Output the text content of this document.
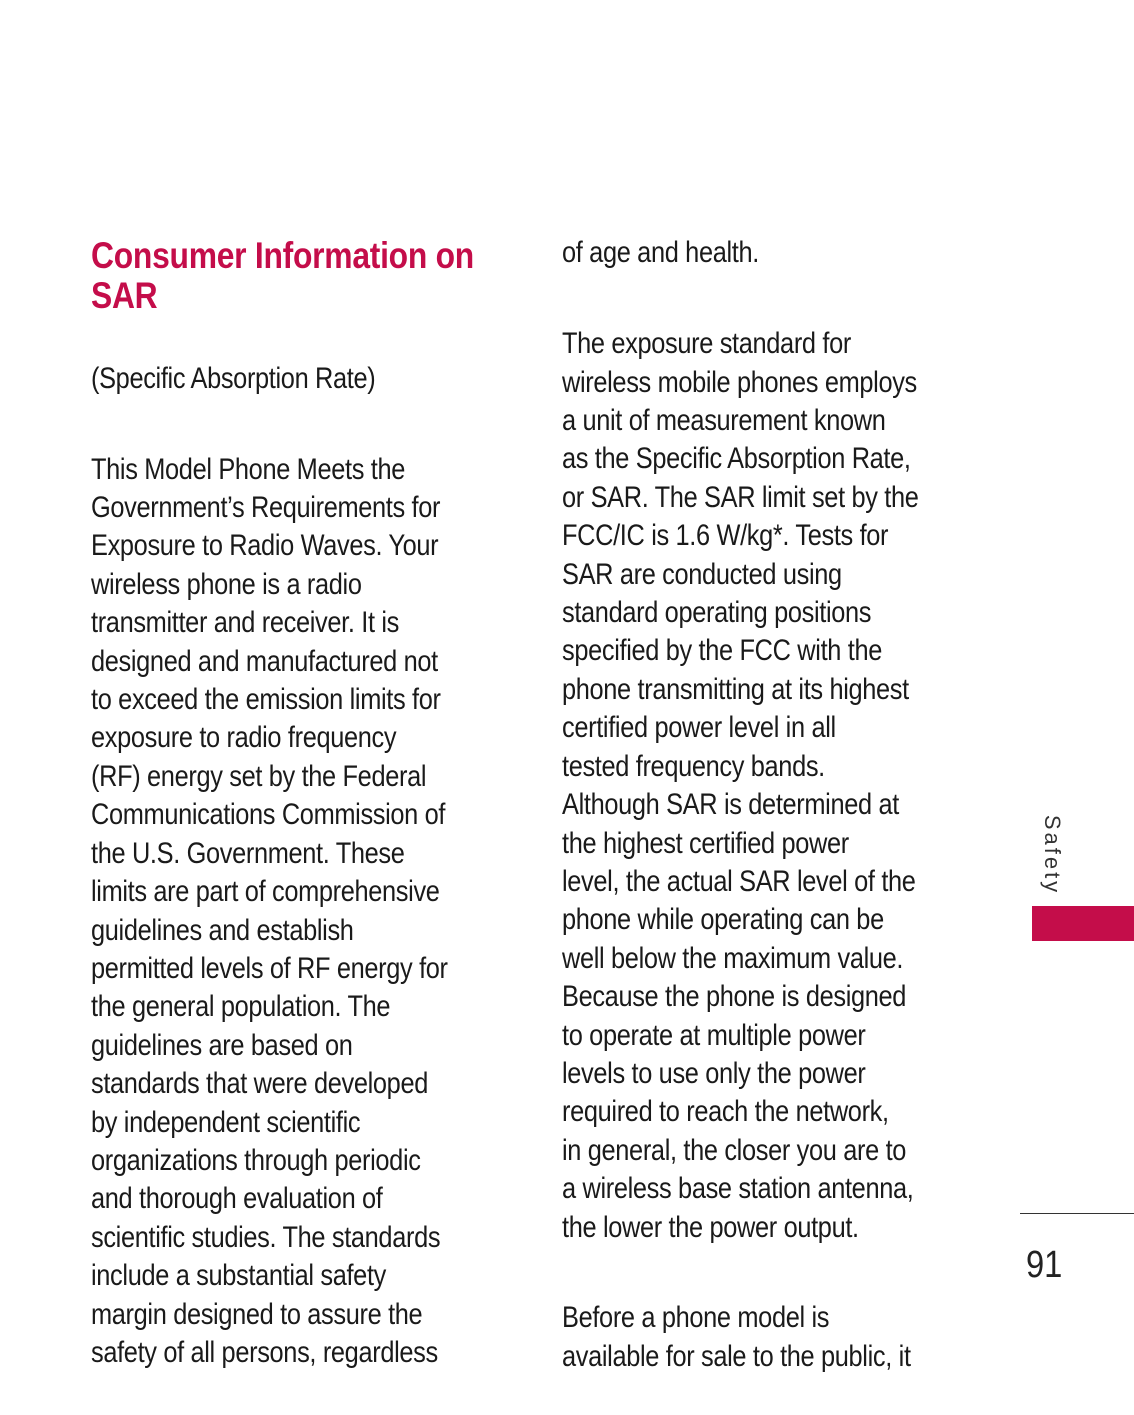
Consumer Information on
SAR

(Specific Absorption Rate)

This Model Phone Meets the
Government’s Requirements for
Exposure to Radio Waves. Your
wireless phone is a radio
transmitter and receiver. It is
designed and manufactured not
to exceed the emission limits for
exposure to radio frequency
(RF) energy set by the Federal
Communications Commission of
the U.S. Government. These
limits are part of comprehensive
guidelines and establish
permitted levels of RF energy for
the general population. The
guidelines are based on
standards that were developed
by independent scientific
organizations through periodic
and thorough evaluation of
scientific studies. The standards
include a substantial safety
margin designed to assure the
safety of all persons, regardless

of age and health.

The exposure standard for
wireless mobile phones employs
a unit of measurement known
as the Specific Absorption Rate,
or SAR. The SAR limit set by the
FCC/IC is 1.6 W/kg*. Tests for
SAR are conducted using
standard operating positions
specified by the FCC with the
phone transmitting at its highest
certified power level in all
tested frequency bands.
Although SAR is determined at
the highest certified power
level, the actual SAR level of the
phone while operating can be
well below the maximum value.
Because the phone is designed
to operate at multiple power
levels to use only the power
required to reach the network,
in general, the closer you are to
a wireless base station antenna,
the lower the power output.

Before a phone model is
available for sale to the public, it

Safety
91
